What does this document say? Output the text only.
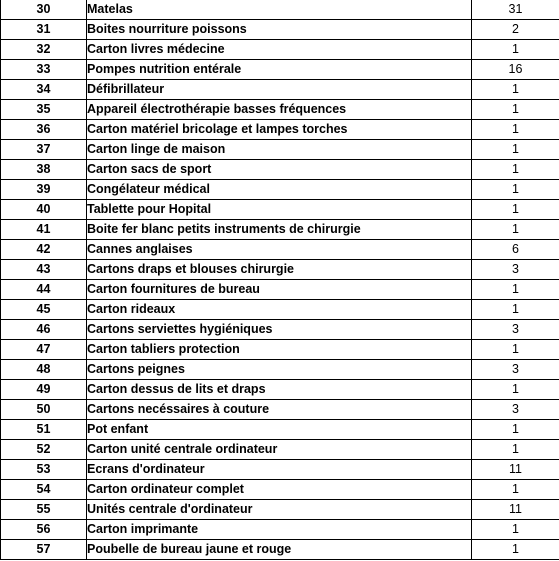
30	Matelas	31
31	Boites nourriture poissons	2
32	Carton livres médecine	1
33	Pompes nutrition entérale	16
34	Défibrillateur	1
35	Appareil électrothérapie basses fréquences	1
36	Carton matériel bricolage et lampes torches	1
37	Carton linge de maison	1
38	Carton sacs de sport	1
39	Congélateur médical	1
40	Tablette pour Hopital	1
41	Boite fer blanc petits instruments de chirurgie	1
42	Cannes anglaises	6
43	Cartons draps et blouses chirurgie	3
44	Carton fournitures de bureau	1
45	Carton rideaux	1
46	Cartons serviettes hygiéniques	3
47	Carton tabliers protection	1
48	Cartons peignes	3
49	Carton dessus de lits et draps	1
50	Cartons necéssaires à couture	3
51	Pot enfant	1
52	Carton unité centrale ordinateur	1
53	Ecrans d'ordinateur	11
54	Carton ordinateur complet	1
55	Unités centrale d'ordinateur	11
56	Carton imprimante	1
57	Poubelle de bureau jaune et rouge	1
